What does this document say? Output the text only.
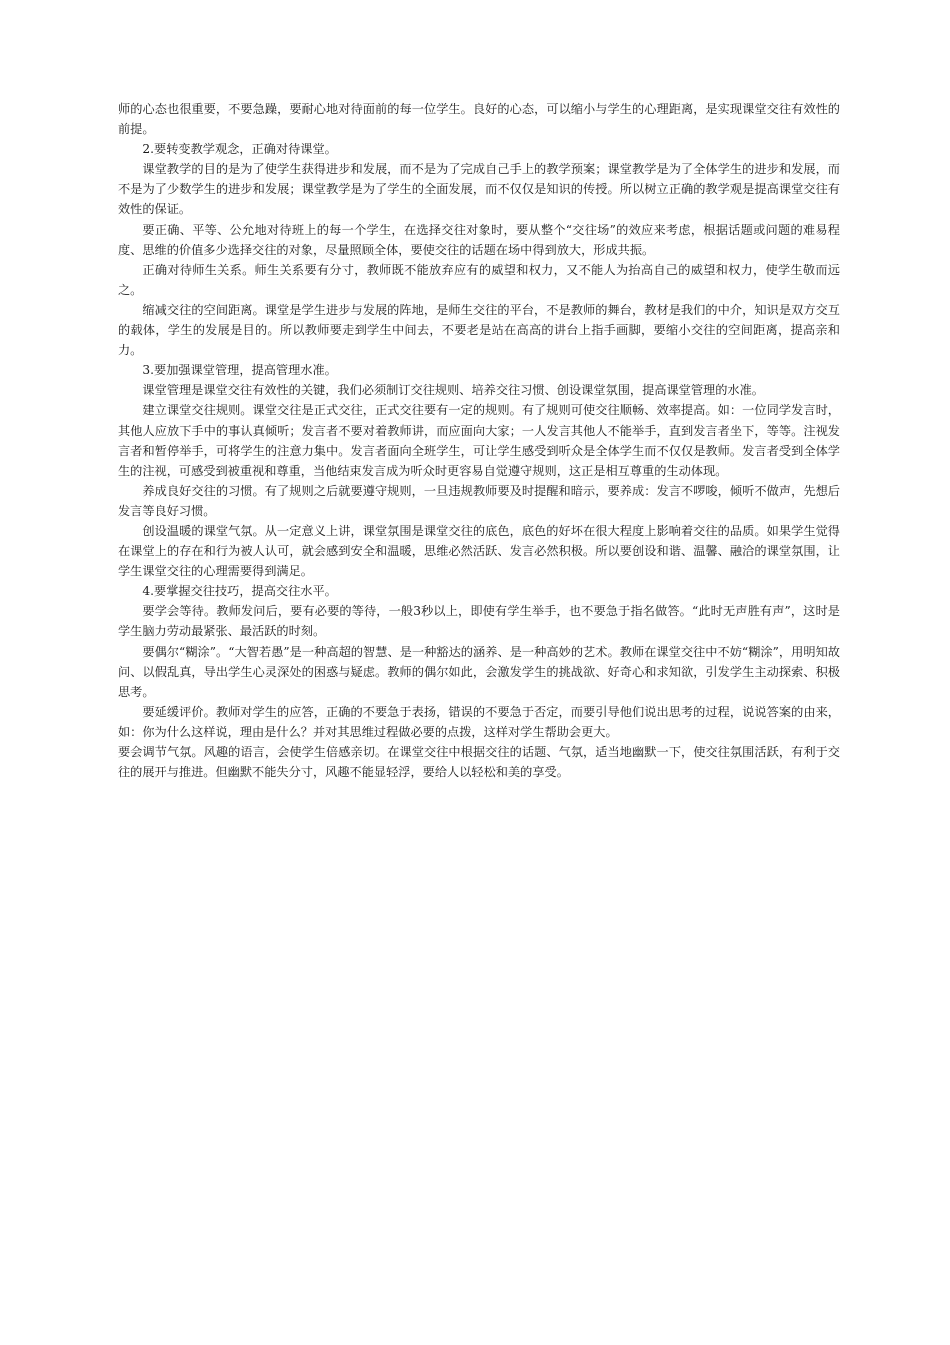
师的心态也很重要，不要急躁，要耐心地对待面前的每一位学生。良好的心态，可以缩小与学生的心理距离，是实现课堂交往有效性的前提。

2.要转变教学观念，正确对待课堂。

课堂教学的目的是为了使学生获得进步和发展，而不是为了完成自己手上的教学预案；课堂教学是为了全体学生的进步和发展，而不是为了少数学生的进步和发展；课堂教学是为了学生的全面发展，而不仅仅是知识的传授。所以树立正确的教学观是提高课堂交往有效性的保证。

要正确、平等、公允地对待班上的每一个学生，在选择交往对象时，要从整个“交往场”的效应来考虑，根据话题或问题的难易程度、思维的价值多少选择交往的对象，尽量照顾全体，要使交往的话题在场中得到放大，形成共振。

正确对待师生关系。师生关系要有分寸，教师既不能放弃应有的威望和权力，又不能人为抬高自己的威望和权力，使学生敬而远之。

缩减交往的空间距离。课堂是学生进步与发展的阵地，是师生交往的平台，不是教师的舞台，教材是我们的中介，知识是双方交互的载体，学生的发展是目的。所以教师要走到学生中间去，不要老是站在高高的讲台上指手画脚，要缩小交往的空间距离，提高亲和力。

3.要加强课堂管理，提高管理水准。

课堂管理是课堂交往有效性的关键，我们必须制订交往规则、培养交往习惯、创设课堂氛围，提高课堂管理的水准。

建立课堂交往规则。课堂交往是正式交往，正式交往要有一定的规则。有了规则可使交往顺畅、效率提高。如：一位同学发言时，其他人应放下手中的事认真倾听；发言者不要对着教师讲，而应面向大家；一人发言其他人不能举手，直到发言者坐下，等等。注视发言者和暂停举手，可将学生的注意力集中。发言者面向全班学生，可让学生感受到听众是全体学生而不仅仅是教师。发言者受到全体学生的注视，可感受到被重视和尊重，当他结束发言成为听众时更容易自觉遵守规则，这正是相互尊重的生动体现。

养成良好交往的习惯。有了规则之后就要遵守规则，一旦违规教师要及时提醒和暗示，要养成：发言不啰唆，倾听不做声，先想后发言等良好习惯。

创设温暖的课堂气氛。从一定意义上讲，课堂氛围是课堂交往的底色，底色的好坏在很大程度上影响着交往的品质。如果学生觉得在课堂上的存在和行为被人认可，就会感到安全和温暖，思维必然活跃、发言必然积极。所以要创设和谐、温馨、融洽的课堂氛围，让学生课堂交往的心理需要得到满足。

4.要掌握交往技巧，提高交往水平。

要学会等待。教师发问后，要有必要的等待，一般3秒以上，即使有学生举手，也不要急于指名做答。“此时无声胜有声”，这时是学生脑力劳动最紧张、最活跃的时刻。

要偶尔“糊涂”。“大智若愚”是一种高超的智慧、是一种豁达的涵养、是一种高妙的艺术。教师在课堂交往中不妨“糊涂”，用明知故问、以假乱真，导出学生心灵深处的困惑与疑虑。教师的偶尔如此，会激发学生的挑战欲、好奇心和求知欲，引发学生主动探索、积极思考。

要延缓评价。教师对学生的应答，正确的不要急于表扬，错误的不要急于否定，而要引导他们说出思考的过程，说说答案的由来，如：你为什么这样说，理由是什么？并对其思维过程做必要的点拨，这样对学生帮助会更大。

要会调节气氛。风趣的语言，会使学生倍感亲切。在课堂交往中根据交往的话题、气氛，适当地幽默一下，使交往氛围活跃，有利于交往的展开与推进。但幽默不能失分寸，风趣不能显轻浮，要给人以轻松和美的享受。
